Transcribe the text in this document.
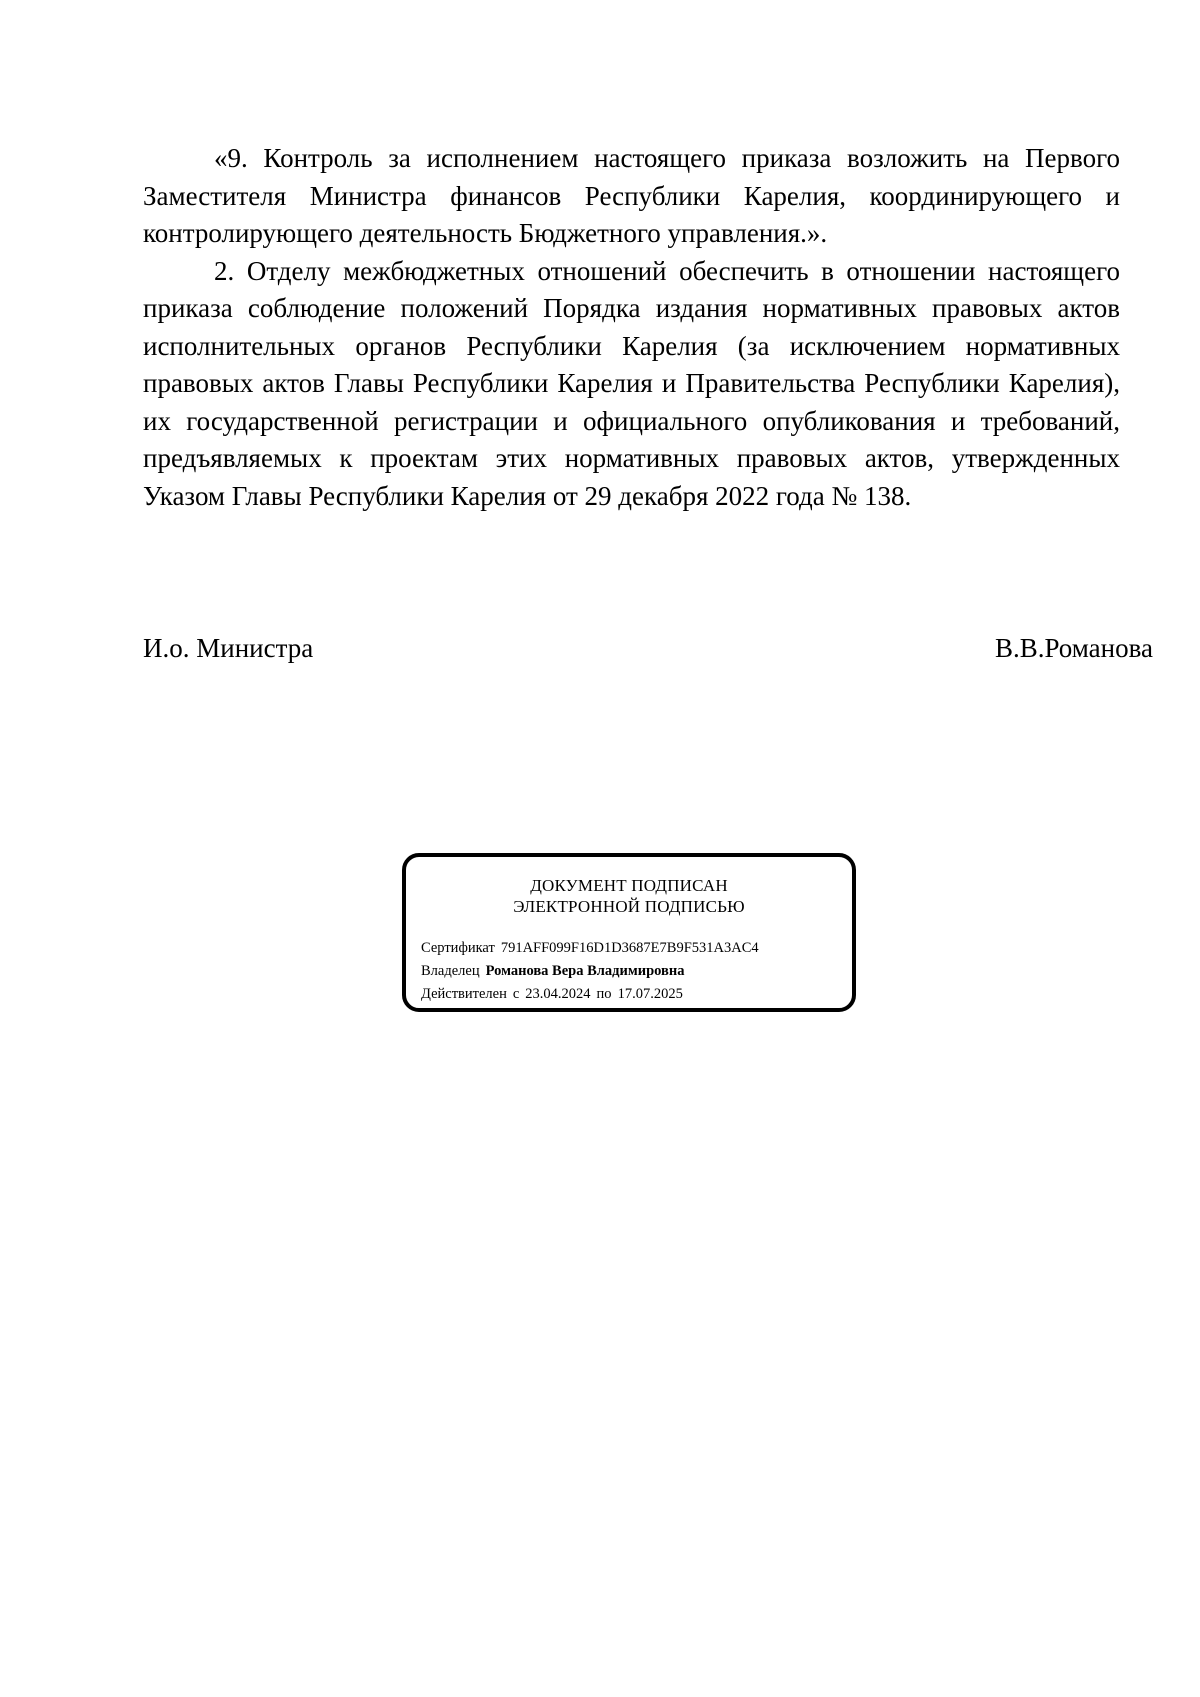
«9. Контроль за исполнением настоящего приказа возложить на Первого Заместителя Министра финансов Республики Карелия, координирующего и контролирующего деятельность Бюджетного управления.».

2. Отделу межбюджетных отношений обеспечить в отношении настоящего приказа соблюдение положений Порядка издания нормативных правовых актов исполнительных органов Республики Карелия (за исключением нормативных правовых актов Главы Республики Карелия и Правительства Республики Карелия), их государственной регистрации и официального опубликования и требований, предъявляемых к проектам этих нормативных правовых актов, утвержденных Указом Главы Республики Карелия от 29 декабря 2022 года № 138.

И.о. Министра	В.В.Романова
ДОКУМЕНТ ПОДПИСАН
ЭЛЕКТРОННОЙ ПОДПИСЬЮ
Сертификат 791AFF099F16D1D3687E7B9F531A3AC4
Владелец Романова Вера Владимировна
Действителен с 23.04.2024 по 17.07.2025
